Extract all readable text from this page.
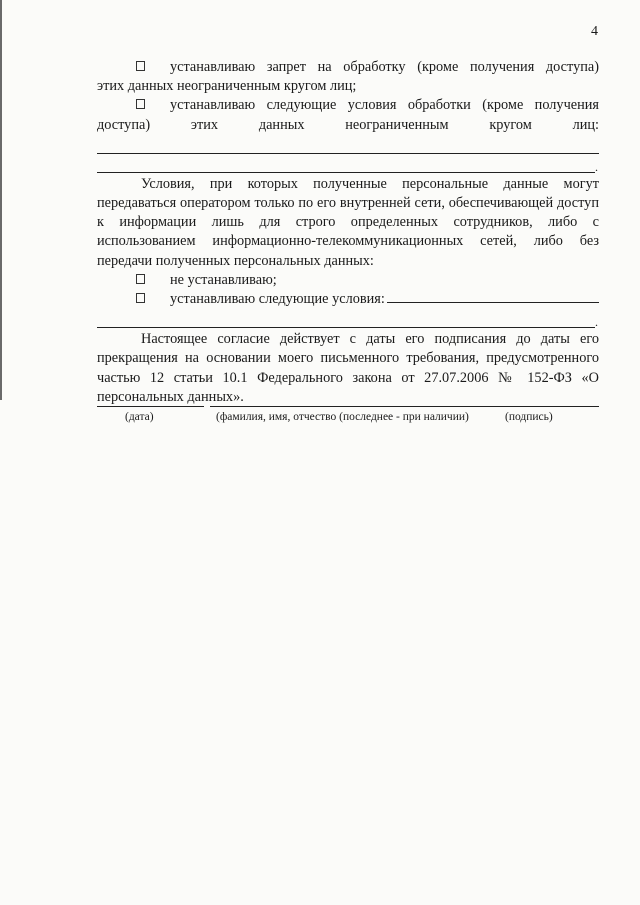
4
устанавливаю запрет на обработку (кроме получения доступа)
этих данных неограниченным кругом лиц;
устанавливаю следующие условия обработки (кроме получения
доступа) этих данных неограниченным кругом лиц:
.

Условия, при которых полученные персональные данные могут передаваться оператором только по его внутренней сети, обеспечивающей доступ к информации лишь для строго определенных сотрудников, либо с использованием информационно-телекоммуникационных сетей, либо без передачи полученных персональных данных:

не устанавливаю;
устанавливаю следующие условия:
.

Настоящее согласие действует с даты его подписания до даты его прекращения на основании моего письменного требования, предусмотренного частью 12 статьи 10.1 Федерального закона от 27.07.2006 № 152-ФЗ «О персональных данных».

(дата)	(фамилия, имя, отчество (последнее - при наличии)	(подпись)
